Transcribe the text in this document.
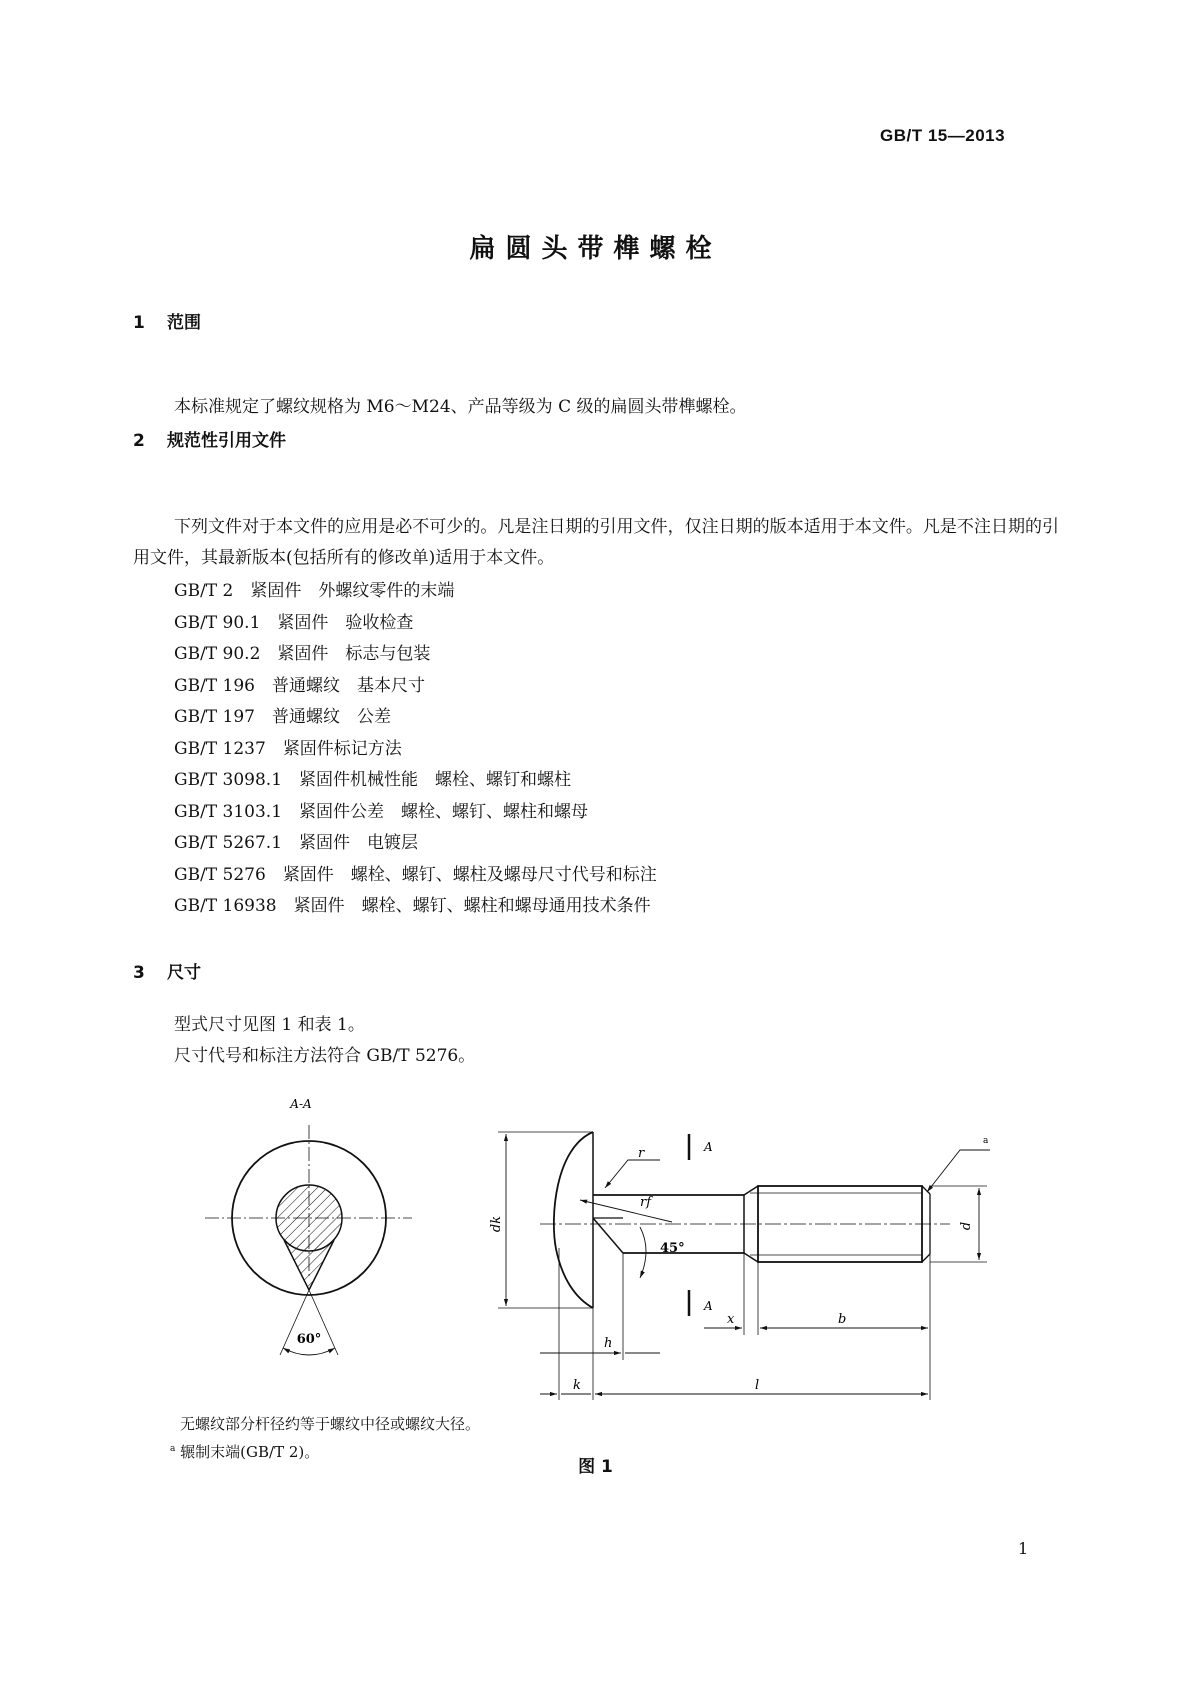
GB/T 15—2013
扁圆头带榫螺栓
1 范围

本标准规定了螺纹规格为 M6～M24、产品等级为 C 级的扁圆头带榫螺栓。

2 规范性引用文件

下列文件对于本文件的应用是必不可少的。凡是注日期的引用文件，仅注日期的版本适用于本文件。凡是不注日期的引用文件，其最新版本(包括所有的修改单)适用于本文件。

GB/T 2　 紧固件　外螺纹零件的末端
GB/T 90.1　 紧固件　验收检查
GB/T 90.2　 紧固件　标志与包装
GB/T 196　 普通螺纹　基本尺寸
GB/T 197　 普通螺纹　公差
GB/T 1237　 紧固件标记方法
GB/T 3098.1　 紧固件机械性能　螺栓、螺钉和螺柱
GB/T 3103.1　 紧固件公差　螺栓、螺钉、螺柱和螺母
GB/T 5267.1　 紧固件　电镀层
GB/T 5276　 紧固件　螺栓、螺钉、螺柱及螺母尺寸代号和标注
GB/T 16938　 紧固件　螺栓、螺钉、螺柱和螺母通用技术条件
3 尺寸

型式尺寸见图 1 和表 1。

尺寸代号和标注方法符合 GB/T 5276。

A-A
60°
A
A
r
rf
45°
dk	d
a
x	b
h
k	l

无螺纹部分杆径约等于螺纹中径或螺纹大径。

$^a$ 辗制末端(GB/T 2)。

图 1
1
